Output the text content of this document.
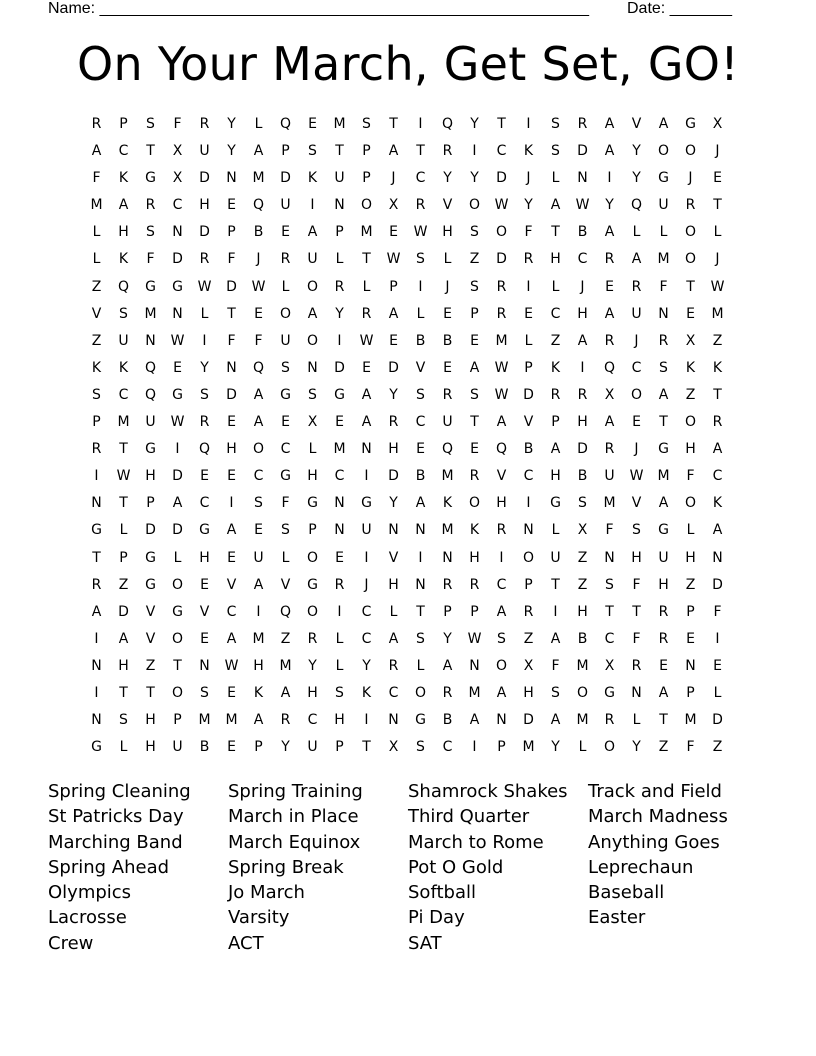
Name: _______________________________________________________

Date: _______

On Your March, Get Set, GO!
R	P	S	F	R	Y	L	Q	E	M	S	T	I	Q	Y	T	I	S	R	A	V	A	G	X
A	C	T	X	U	Y	A	P	S	T	P	A	T	R	I	C	K	S	D	A	Y	O	O	J
F	K	G	X	D	N	M	D	K	U	P	J	C	Y	Y	D	J	L	N	I	Y	G	J	E
M	A	R	C	H	E	Q	U	I	N	O	X	R	V	O	W	Y	A	W	Y	Q	U	R	T
L	H	S	N	D	P	B	E	A	P	M	E	W	H	S	O	F	T	B	A	L	L	O	L
L	K	F	D	R	F	J	R	U	L	T	W	S	L	Z	D	R	H	C	R	A	M	O	J
Z	Q	G	G	W	D	W	L	O	R	L	P	I	J	S	R	I	L	J	E	R	F	T	W
V	S	M	N	L	T	E	O	A	Y	R	A	L	E	P	R	E	C	H	A	U	N	E	M
Z	U	N	W	I	F	F	U	O	I	W	E	B	B	E	M	L	Z	A	R	J	R	X	Z
K	K	Q	E	Y	N	Q	S	N	D	E	D	V	E	A	W	P	K	I	Q	C	S	K	K
S	C	Q	G	S	D	A	G	S	G	A	Y	S	R	S	W	D	R	R	X	O	A	Z	T
P	M	U	W	R	E	A	E	X	E	A	R	C	U	T	A	V	P	H	A	E	T	O	R
R	T	G	I	Q	H	O	C	L	M	N	H	E	Q	E	Q	B	A	D	R	J	G	H	A
I	W	H	D	E	E	C	G	H	C	I	D	B	M	R	V	C	H	B	U	W	M	F	C
N	T	P	A	C	I	S	F	G	N	G	Y	A	K	O	H	I	G	S	M	V	A	O	K
G	L	D	D	G	A	E	S	P	N	U	N	N	M	K	R	N	L	X	F	S	G	L	A
T	P	G	L	H	E	U	L	O	E	I	V	I	N	H	I	O	U	Z	N	H	U	H	N
R	Z	G	O	E	V	A	V	G	R	J	H	N	R	R	C	P	T	Z	S	F	H	Z	D
A	D	V	G	V	C	I	Q	O	I	C	L	T	P	P	A	R	I	H	T	T	R	P	F
I	A	V	O	E	A	M	Z	R	L	C	A	S	Y	W	S	Z	A	B	C	F	R	E	I
N	H	Z	T	N	W	H	M	Y	L	Y	R	L	A	N	O	X	F	M	X	R	E	N	E
I	T	T	O	S	E	K	A	H	S	K	C	O	R	M	A	H	S	O	G	N	A	P	L
N	S	H	P	M	M	A	R	C	H	I	N	G	B	A	N	D	A	M	R	L	T	M	D
G	L	H	U	B	E	P	Y	U	P	T	X	S	C	I	P	M	Y	L	O	Y	Z	F	Z
Spring Cleaning	Spring Training	Shamrock Shakes	Track and Field
St Patricks Day	March in Place	Third Quarter	March Madness
Marching Band	March Equinox	March to Rome	Anything Goes
Spring Ahead	Spring Break	Pot O Gold	Leprechaun
Olympics	Jo March	Softball	Baseball
Lacrosse	Varsity	Pi Day	Easter
Crew	ACT	SAT
